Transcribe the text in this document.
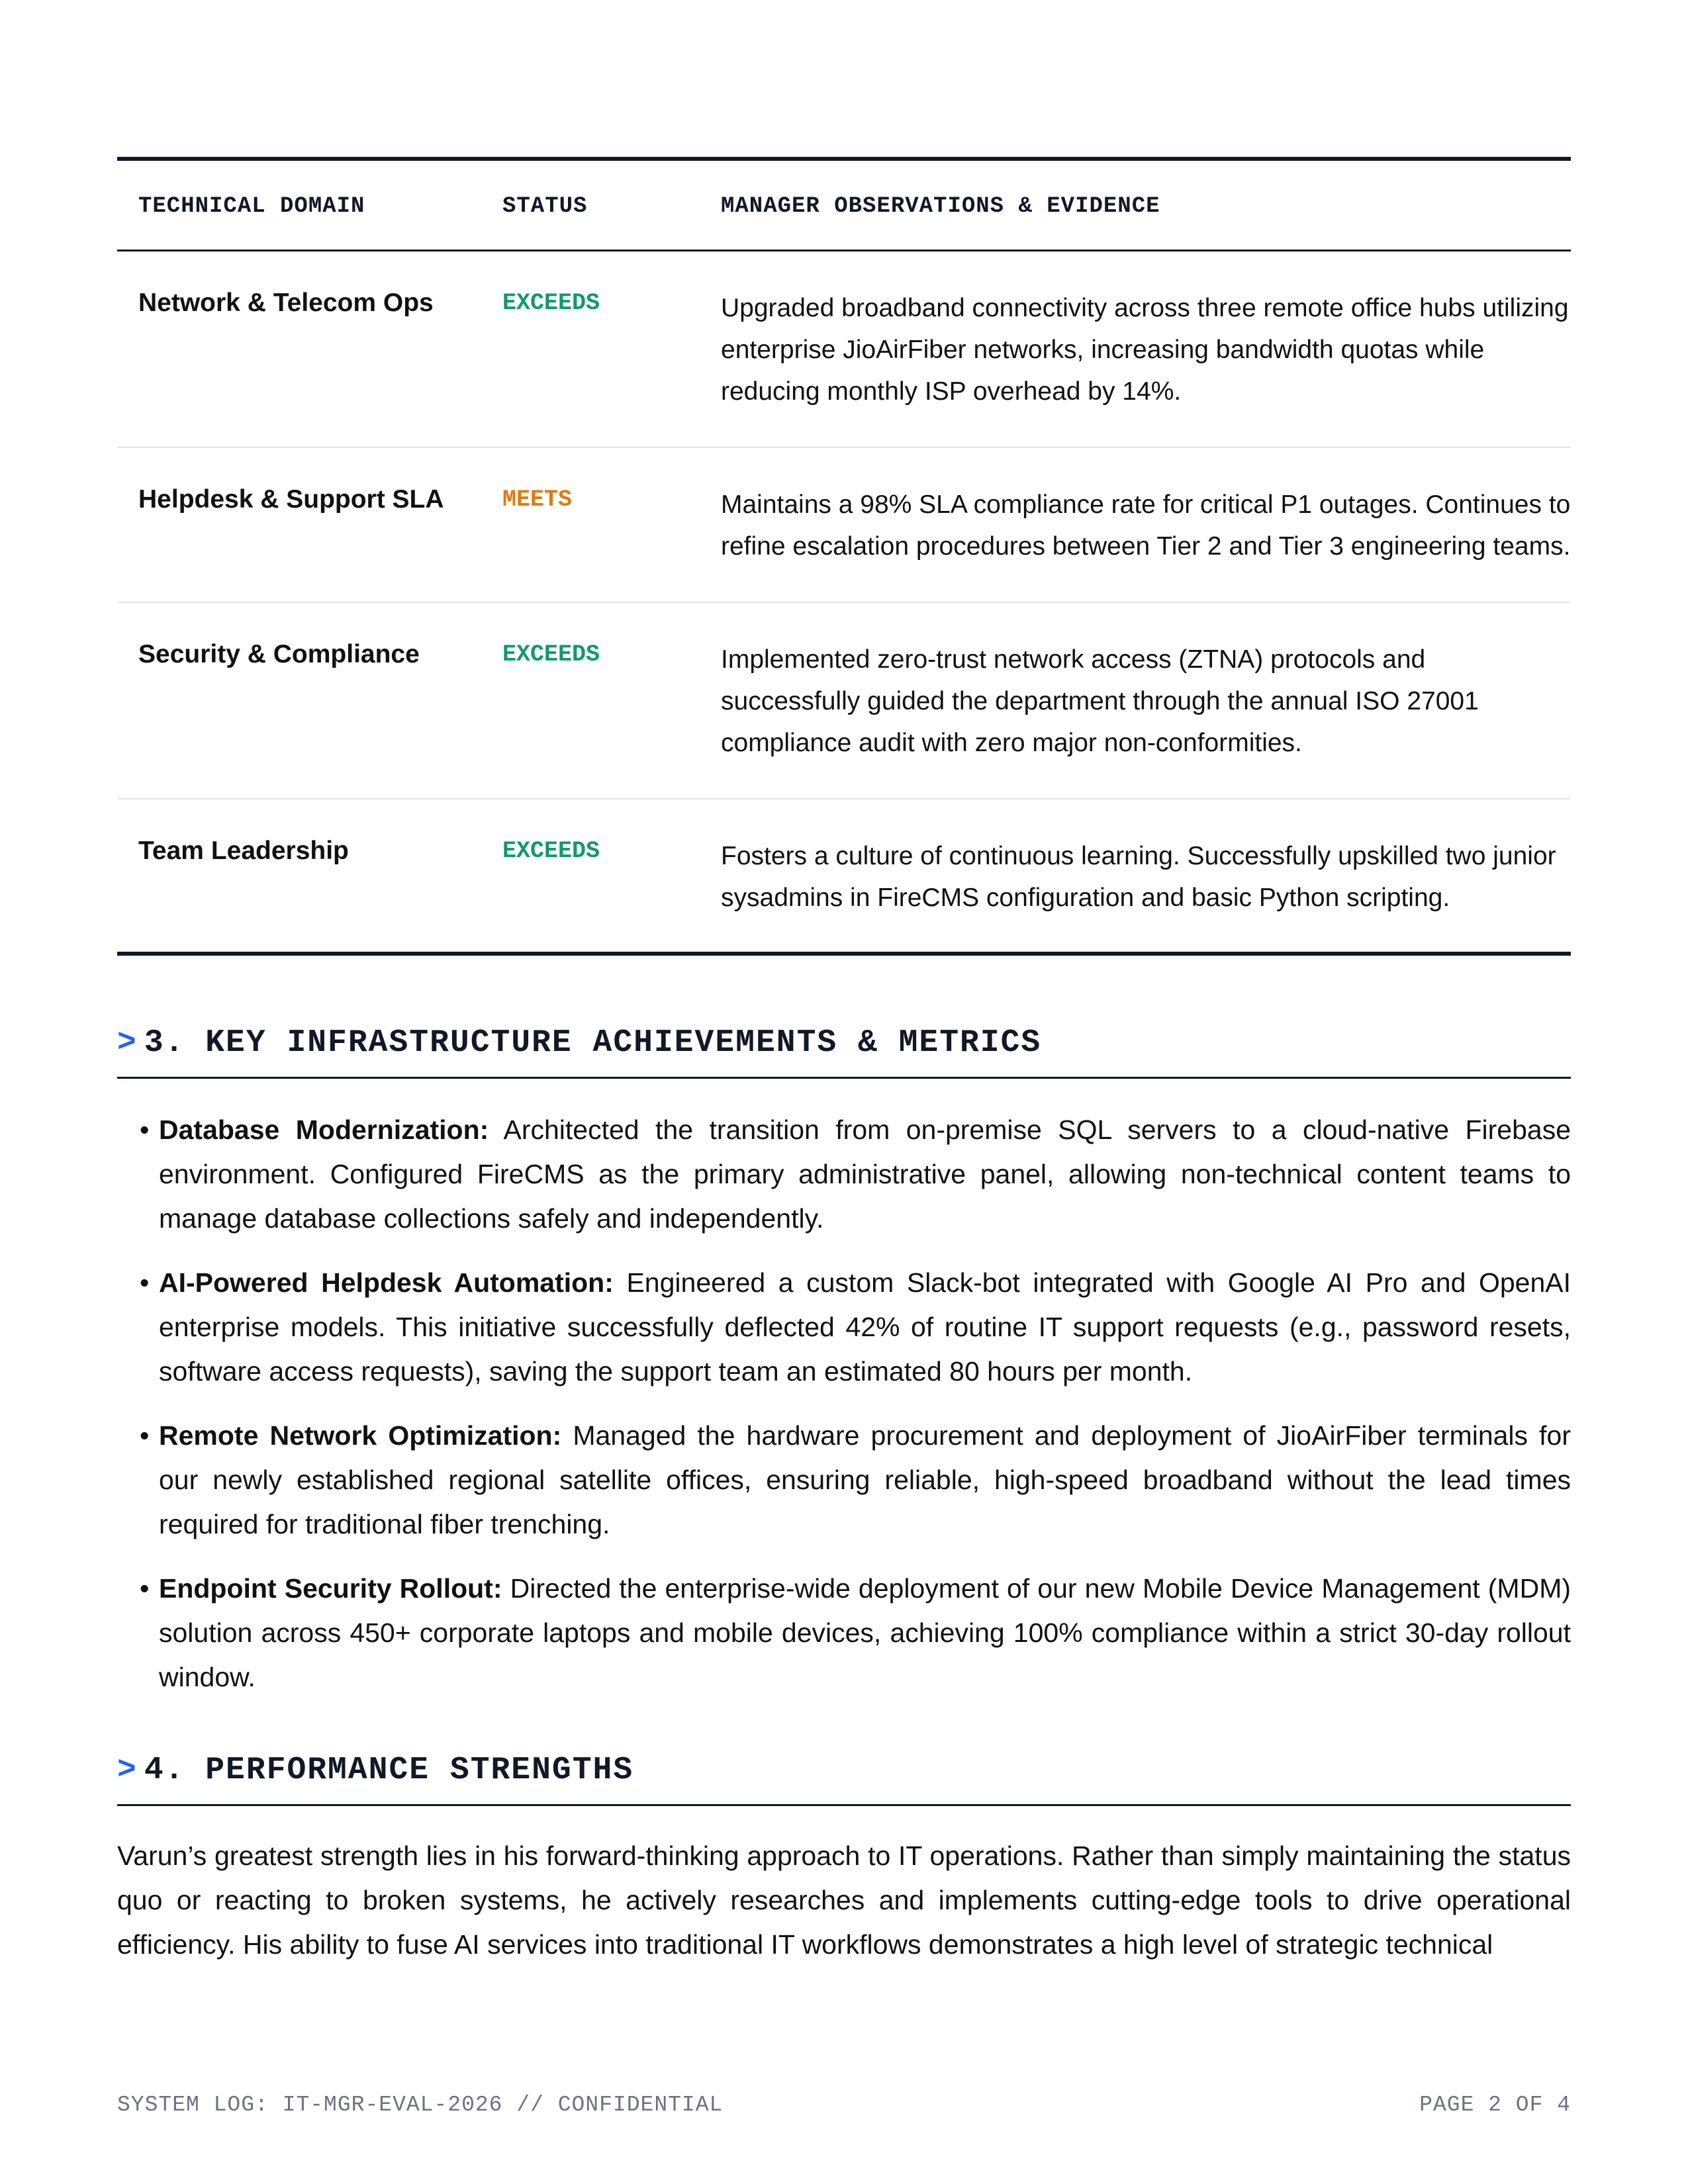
TECHNICAL DOMAIN	STATUS	MANAGER OBSERVATIONS & EVIDENCE
Network & Telecom Ops	EXCEEDS	Upgraded broadband connectivity across three remote office hubs utilizing enterprise JioAirFiber networks, increasing bandwidth quotas while reducing monthly ISP overhead by 14%.
Helpdesk & Support SLA	MEETS	Maintains a 98% SLA compliance rate for critical P1 outages. Continues to refine escalation procedures between Tier 2 and Tier 3 engineering teams.
Security & Compliance	EXCEEDS	Implemented zero-trust network access (ZTNA) protocols and successfully guided the department through the annual ISO 27001 compliance audit with zero major non-conformities.
Team Leadership	EXCEEDS	Fosters a culture of continuous learning. Successfully upskilled two junior sysadmins in FireCMS configuration and basic Python scripting.
> 3. KEY INFRASTRUCTURE ACHIEVEMENTS & METRICS
• Database Modernization: Architected the transition from on-premise SQL servers to a cloud-native Firebase environment. Configured FireCMS as the primary administrative panel, allowing non-technical content teams to manage database collections safely and independently.
• AI-Powered Helpdesk Automation: Engineered a custom Slack-bot integrated with Google AI Pro and OpenAI enterprise models. This initiative successfully deflected 42% of routine IT support requests (e.g., password resets, software access requests), saving the support team an estimated 80 hours per month.
• Remote Network Optimization: Managed the hardware procurement and deployment of JioAirFiber terminals for our newly established regional satellite offices, ensuring reliable, high-speed broadband without the lead times required for traditional fiber trenching.
• Endpoint Security Rollout: Directed the enterprise-wide deployment of our new Mobile Device Management (MDM) solution across 450+ corporate laptops and mobile devices, achieving 100% compliance within a strict 30-day rollout window.
> 4. PERFORMANCE STRENGTHS

Varun’s greatest strength lies in his forward-thinking approach to IT operations. Rather than simply maintaining the status quo or reacting to broken systems, he actively researches and implements cutting-edge tools to drive operational efficiency. His ability to fuse AI services into traditional IT workflows demonstrates a high level of strategic technical

SYSTEM LOG: IT-MGR-EVAL-2026 // CONFIDENTIAL	PAGE 2 OF 4
